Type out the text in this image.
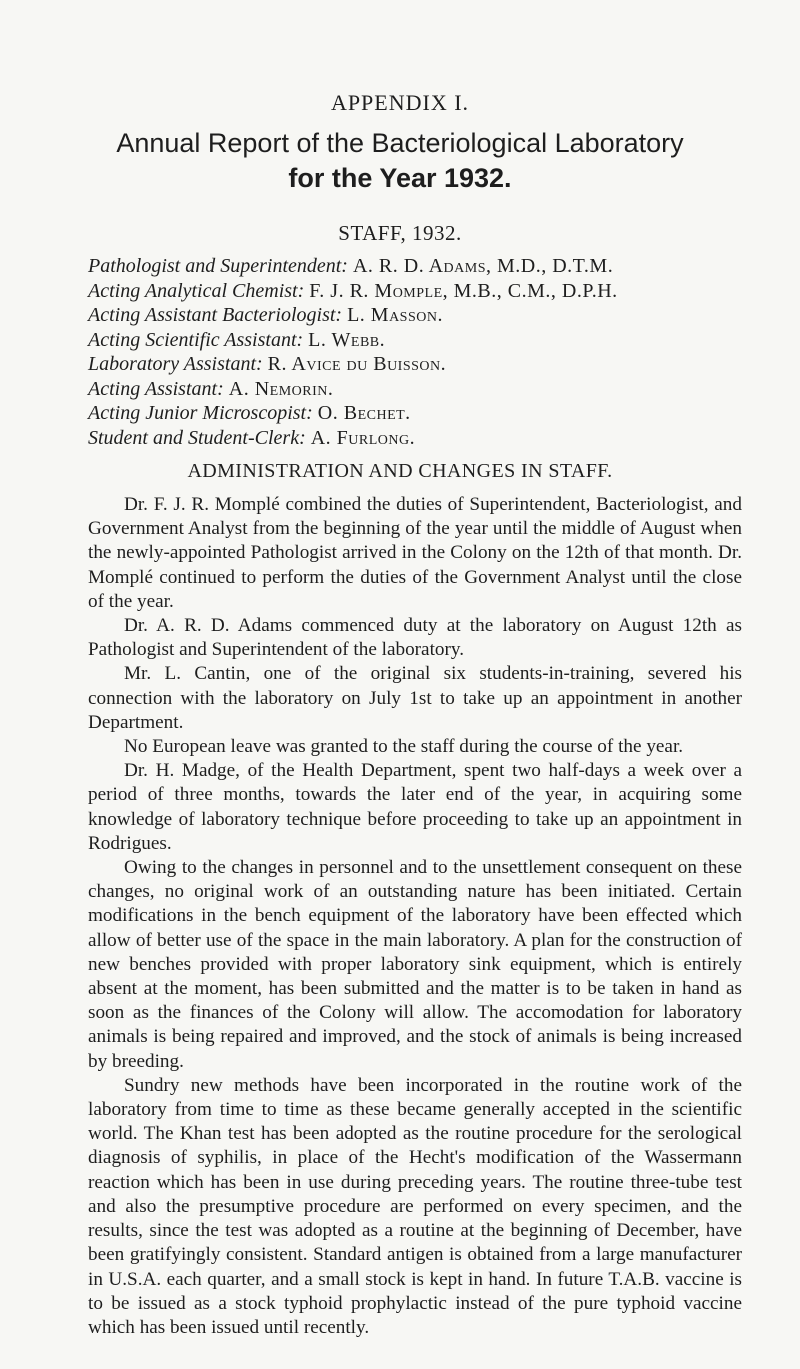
APPENDIX I.
Annual Report of the Bacteriological Laboratory
for the Year 1932.
STAFF, 1932.
Pathologist and Superintendent: A. R. D. Adams, M.D., D.T.M.
Acting Analytical Chemist: F. J. R. Momple, M.B., C.M., D.P.H.
Acting Assistant Bacteriologist: L. Masson.
Acting Scientific Assistant: L. Webb.
Laboratory Assistant: R. Avice du Buisson.
Acting Assistant: A. Nemorin.
Acting Junior Microscopist: O. Bechet.
Student and Student-Clerk: A. Furlong.
ADMINISTRATION AND CHANGES IN STAFF.

Dr. F. J. R. Momplé combined the duties of Superintendent, Bacteriologist, and Government Analyst from the beginning of the year until the middle of August when the newly-appointed Pathologist arrived in the Colony on the 12th of that month. Dr. Momplé continued to perform the duties of the Government Analyst until the close of the year.

Dr. A. R. D. Adams commenced duty at the laboratory on August 12th as Pathologist and Superintendent of the laboratory.

Mr. L. Cantin, one of the original six students-in-training, severed his connection with the laboratory on July 1st to take up an appointment in another Department.

No European leave was granted to the staff during the course of the year.

Dr. H. Madge, of the Health Department, spent two half-days a week over a period of three months, towards the later end of the year, in acquiring some knowledge of laboratory technique before proceeding to take up an appointment in Rodrigues.

Owing to the changes in personnel and to the unsettlement consequent on these changes, no original work of an outstanding nature has been initiated. Certain modifications in the bench equipment of the laboratory have been effected which allow of better use of the space in the main laboratory. A plan for the construction of new benches provided with proper laboratory sink equipment, which is entirely absent at the moment, has been submitted and the matter is to be taken in hand as soon as the finances of the Colony will allow. The accomodation for laboratory animals is being repaired and improved, and the stock of animals is being increased by breeding.

Sundry new methods have been incorporated in the routine work of the laboratory from time to time as these became generally accepted in the scientific world. The Khan test has been adopted as the routine procedure for the serological diagnosis of syphilis, in place of the Hecht's modification of the Wassermann reaction which has been in use during preceding years. The routine three-tube test and also the presumptive procedure are performed on every specimen, and the results, since the test was adopted as a routine at the beginning of December, have been gratifyingly consistent. Standard antigen is obtained from a large manufacturer in U.S.A. each quarter, and a small stock is kept in hand. In future T.A.B. vaccine is to be issued as a stock typhoid prophylactic instead of the pure typhoid vaccine which has been issued until recently.
